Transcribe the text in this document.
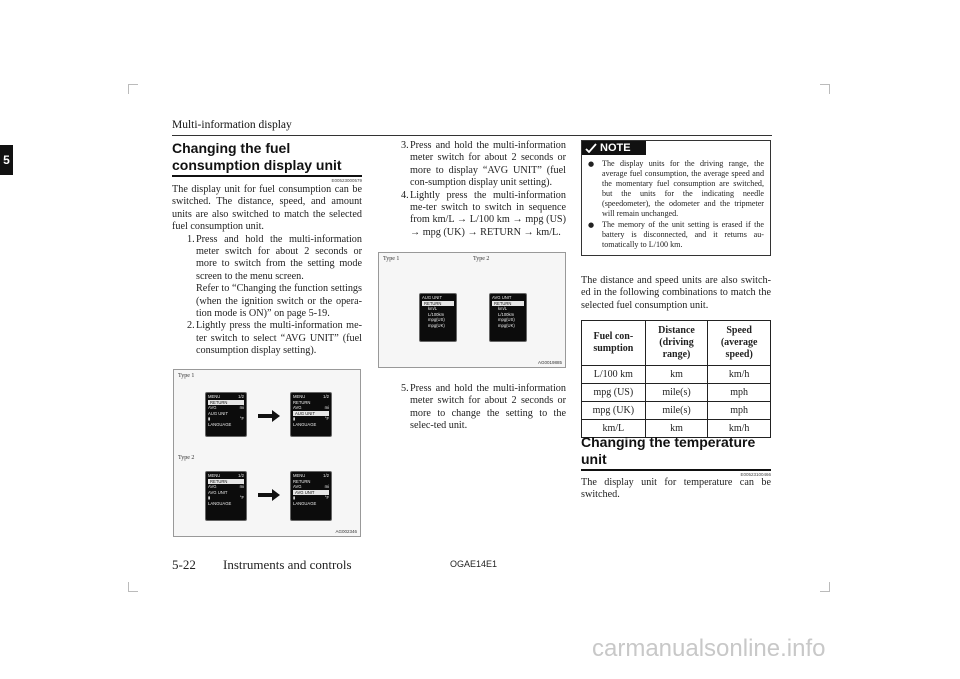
Multi-information display
5
Changing the fuel consumption display unit
E00523000579

The display unit for fuel consumption can be switched. The distance, speed, and amount units are also switched to match the selected fuel consumption unit.

1.Press and hold the multi-information meter switch for about 2 seconds or more to switch from the setting mode screen to the menu screen.
Refer to “Changing the function settings (when the ignition switch or the opera-tion mode is ON)” on page 5-19.
2.Lightly press the multi-information me-ter switch to select “AVG UNIT” (fuel consumption display setting).
Type 1
Type 2
MENU	1/2
RETURN
AVG	mi
AUG UNIT
▮	°F
LANGUAGE
MENU	1/2
RETURN
AVG	mi
AUG UNIT
▮	°F
LANGUAGE
MENU	1/2
RETURN
AVG	mi
AVG UNIT
▮	°F
LANGUAGE
MENU	1/2
RETURN
AVG	mi
AVG UNIT
▮	°F
LANGUAGE
AG002346
3.Press and hold the multi-information meter switch for about 2 seconds or more to display “AVG UNIT” (fuel con-sumption display unit setting).
4.Lightly press the multi-information me-ter switch to switch in sequence from km/L → L/100 km → mpg (US) → mpg (UK) → RETURN → km/L.
Type 1	Type 2
AUG UNIT
RETURN
km/L
L/100km
mpg(US)
mpg(UK)
AVG UNIT
RETURN
km/L
L/100km
mpg(US)
mpg(UK)
AG0019885
5.Press and hold the multi-information meter switch for about 2 seconds or more to change the setting to the selec-ted unit.
NOTE
● The display units for the driving range, the average fuel consumption, the average speed and the momentary fuel consumption are switched, but the units for the indicating needle (speedometer), the odometer and the tripmeter will remain unchanged.
● The memory of the unit setting is erased if the battery is disconnected, and it returns au-tomatically to L/100 km.

The distance and speed units are also switch-ed in the following combinations to match the selected fuel consumption unit.

Fuel con-sumption	Distance (driving range)	Speed (average speed)
L/100 km	km	km/h
mpg (US)	mile(s)	mph
mpg (UK)	mile(s)	mph
km/L	km	km/h
Changing the temperature unit
E00523100466

The display unit for temperature can be switched.

5-22 Instruments and controls	OGAE14E1
carmanualsonline.info
